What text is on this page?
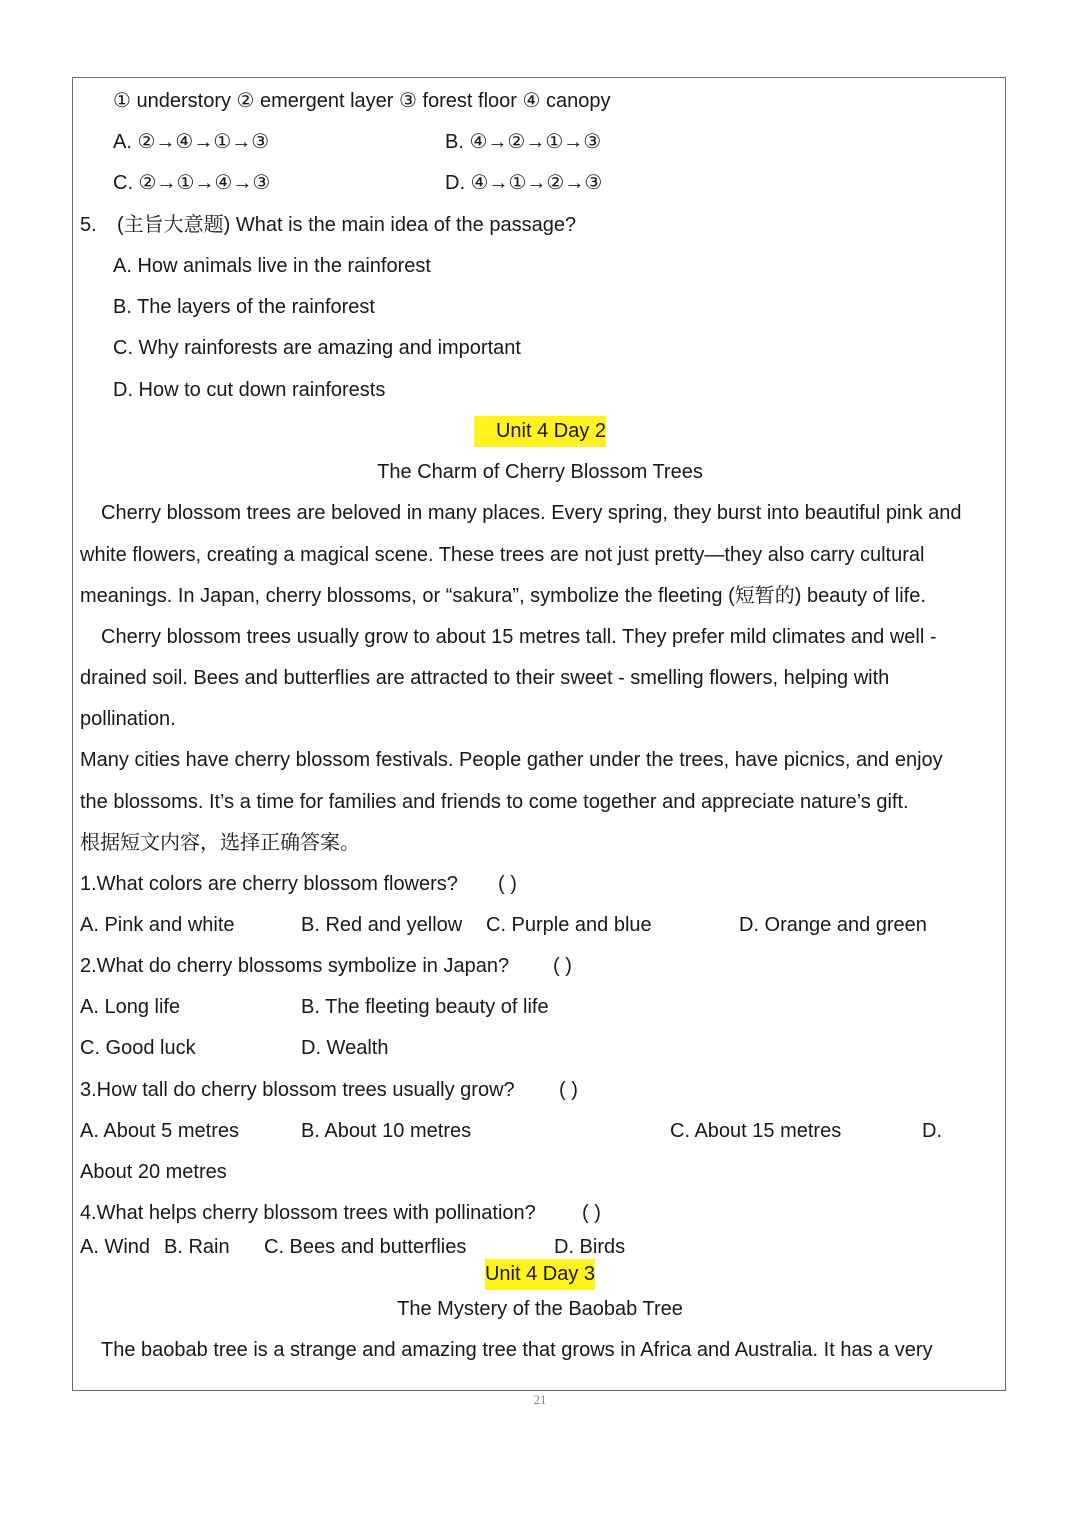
① understory ② emergent layer ③ forest floor ④ canopy
A. ②→④→①→③	B. ④→②→①→③
C. ②→①→④→③	D. ④→①→②→③
5. (主旨大意题) What is the main idea of the passage?
A. How animals live in the rainforest
B. The layers of the rainforest
C. Why rainforests are amazing and important
D. How to cut down rainforests
Unit 4 Day 2
The Charm of Cherry Blossom Trees
Cherry blossom trees are beloved in many places. Every spring, they burst into beautiful pink and
white flowers, creating a magical scene. These trees are not just pretty—they also carry cultural
meanings. In Japan, cherry blossoms, or “sakura”, symbolize the fleeting (短暂的) beauty of life.
Cherry blossom trees usually grow to about 15 metres tall. They prefer mild climates and well -
drained soil. Bees and butterflies are attracted to their sweet - smelling flowers, helping with
pollination.
Many cities have cherry blossom festivals. People gather under the trees, have picnics, and enjoy
the blossoms. It’s a time for families and friends to come together and appreciate nature’s gift.
根据短文内容，选择正确答案。
1.What colors are cherry blossom flowers? ( )
A. Pink and white	B. Red and yellow C. Purple and blue	D. Orange and green
2.What do cherry blossoms symbolize in Japan? ( )
A. Long life	B. The fleeting beauty of life
C. Good luck	D. Wealth
3.How tall do cherry blossom trees usually grow? ( )
A. About 5 metres	B. About 10 metres	C. About 15 metres	D.
About 20 metres
4.What helps cherry blossom trees with pollination? ( )
A. Wind B. Rain C. Bees and butterflies	D. Birds
Unit 4 Day 3
The Mystery of the Baobab Tree
The baobab tree is a strange and amazing tree that grows in Africa and Australia. It has a very
21
